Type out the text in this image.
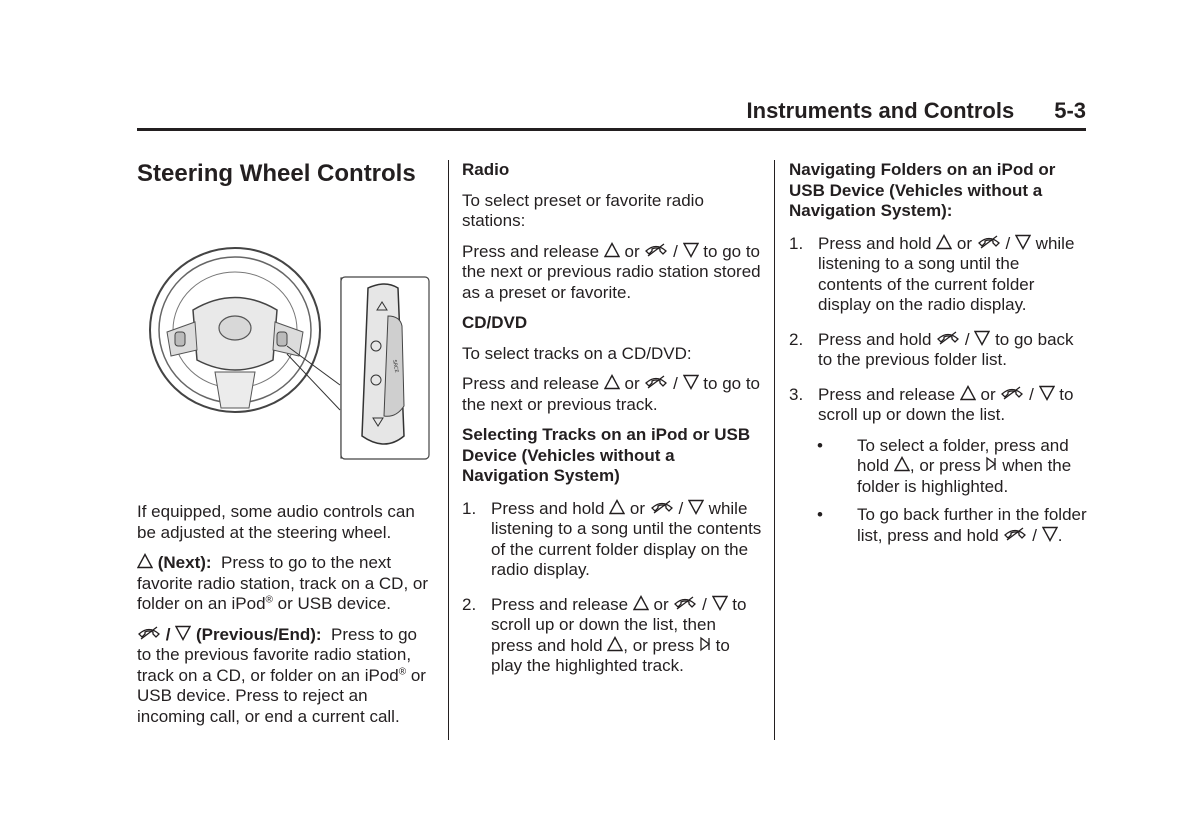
Instruments and Controls 5-3
Steering Wheel Controls
SRCE

If equipped, some audio controls can be adjusted at the steering wheel.

(Next): Press to go to the next favorite radio station, track on a CD, or folder on an iPod® or USB device.

/ (Previous/End): Press to go to the previous favorite radio station, track on a CD, or folder on an iPod® or USB device. Press to reject an incoming call, or end a current call.

Radio

To select preset or favorite radio stations:

Press and release or / to go to the next or previous radio station stored as a preset or favorite.

CD/DVD

To select tracks on a CD/DVD:

Press and release or / to go to the next or previous track.

Selecting Tracks on an iPod or USB Device (Vehicles without a Navigation System)

1. Press and hold or / while listening to a song until the contents of the current folder display on the radio display.
2. Press and release or / to scroll up or down the list, then press and hold , or press to play the highlighted track.

Navigating Folders on an iPod or USB Device (Vehicles without a Navigation System):

1. Press and hold or / while listening to a song until the contents of the current folder display on the radio display.
2. Press and hold / to go back to the previous folder list.
3. Press and release or / to scroll up or down the list.
• To select a folder, press and hold , or press when the folder is highlighted.
• To go back further in the folder list, press and hold / .
